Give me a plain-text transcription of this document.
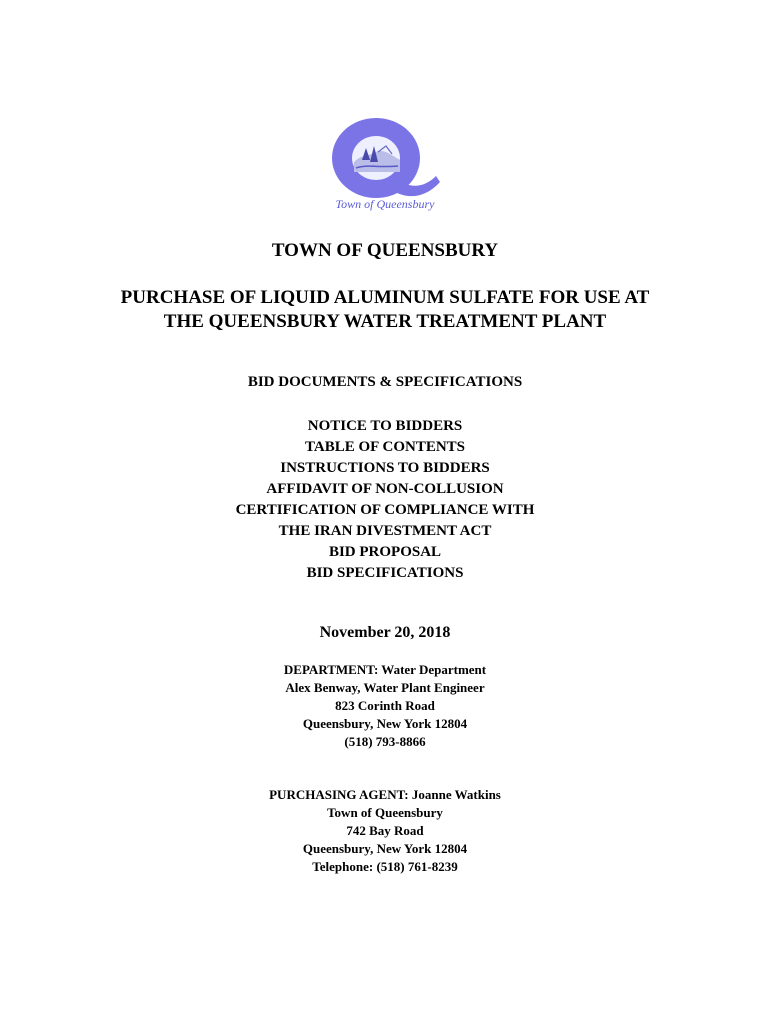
Town of Queensbury
TOWN OF QUEENSBURY
PURCHASE OF LIQUID ALUMINUM SULFATE FOR USE AT
THE QUEENSBURY WATER TREATMENT PLANT
BID DOCUMENTS & SPECIFICATIONS
NOTICE TO BIDDERS
TABLE OF CONTENTS
INSTRUCTIONS TO BIDDERS
AFFIDAVIT OF NON-COLLUSION
CERTIFICATION OF COMPLIANCE WITH
THE IRAN DIVESTMENT ACT
BID PROPOSAL
BID SPECIFICATIONS
November 20, 2018
DEPARTMENT: Water Department
Alex Benway, Water Plant Engineer
823 Corinth Road
Queensbury, New York 12804
(518) 793-8866
PURCHASING AGENT: Joanne Watkins
Town of Queensbury
742 Bay Road
Queensbury, New York 12804
Telephone: (518) 761-8239
